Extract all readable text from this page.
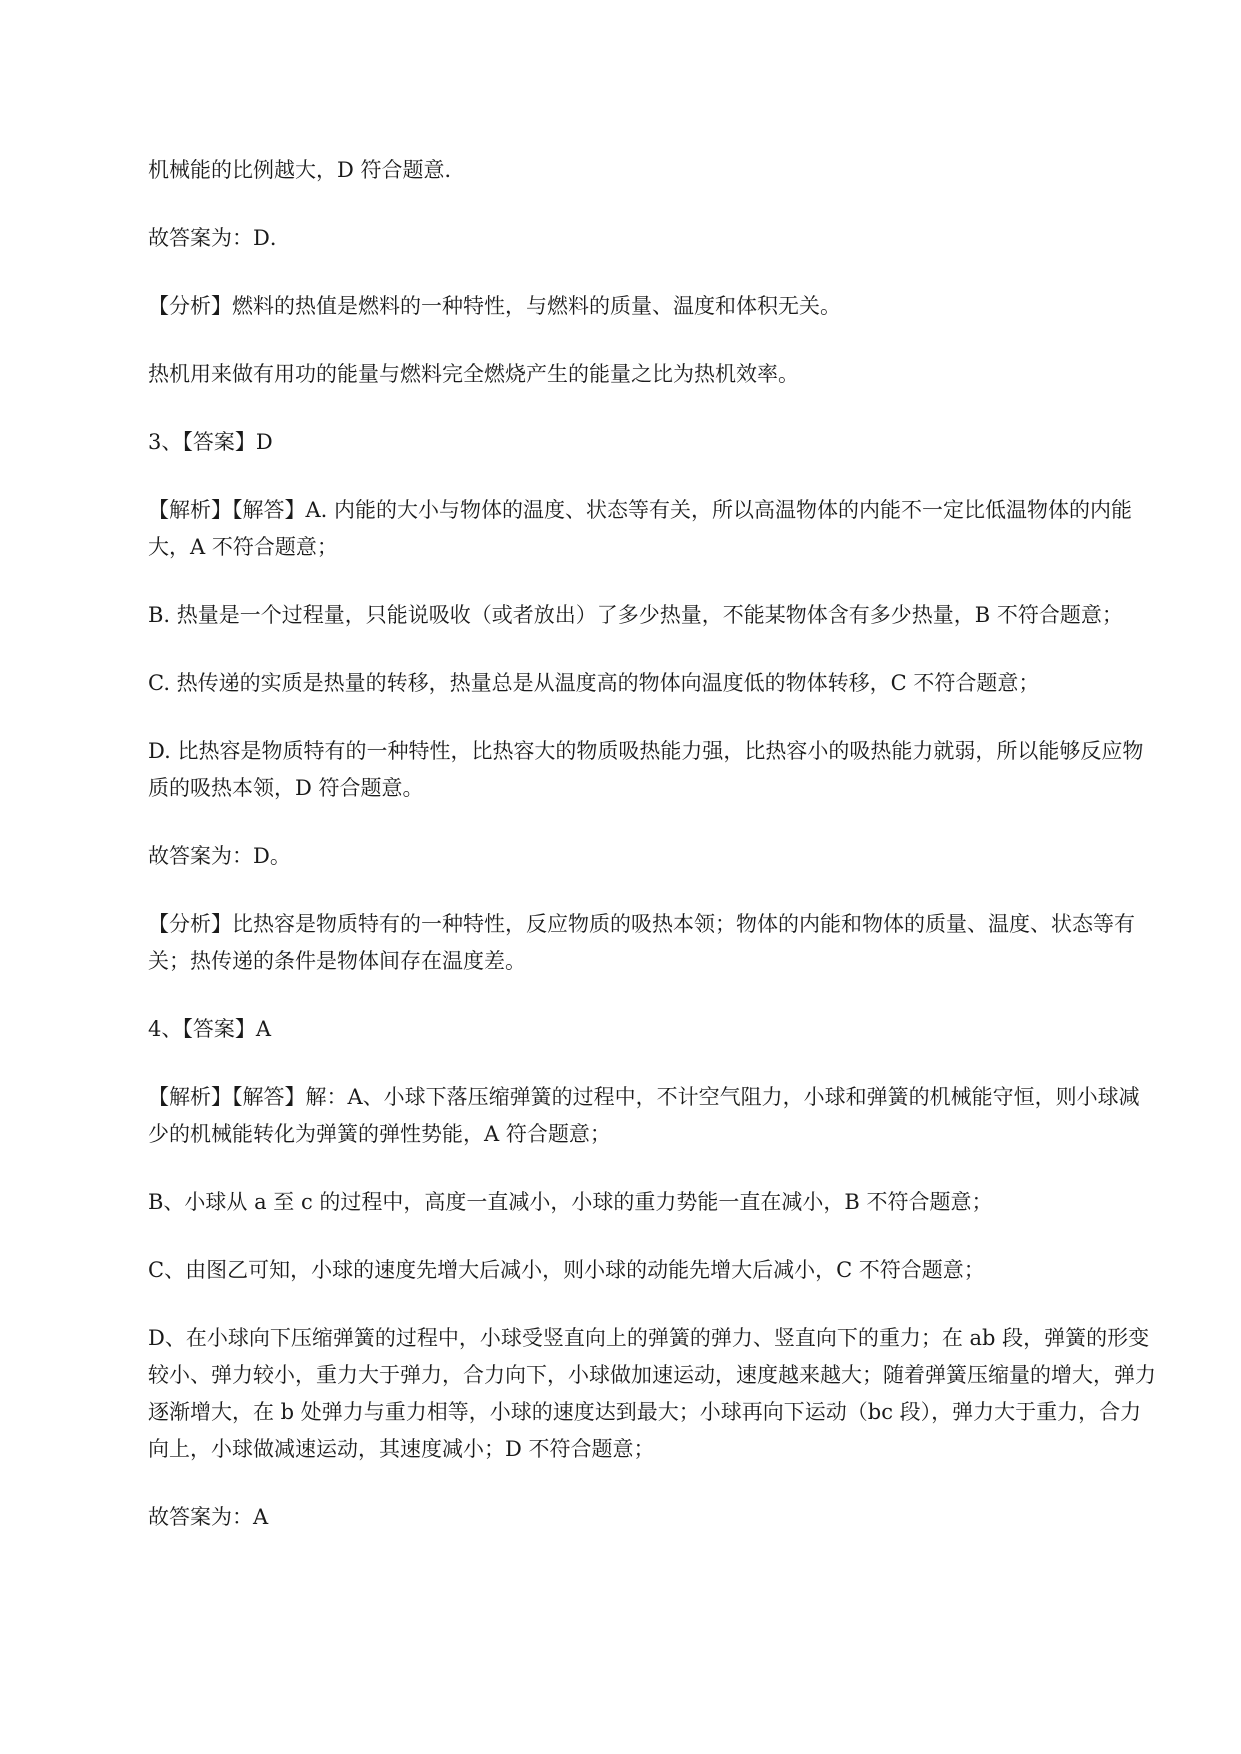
机械能的比例越大，D 符合题意．

故答案为：D．

【分析】燃料的热值是燃料的一种特性，与燃料的质量、温度和体积无关。

热机用来做有用功的能量与燃料完全燃烧产生的能量之比为热机效率。

3、【答案】D

【解析】【解答】A. 内能的大小与物体的温度、状态等有关，所以高温物体的内能不一定比低温物体的内能大，A 不符合题意；

B. 热量是一个过程量，只能说吸收（或者放出）了多少热量，不能某物体含有多少热量，B 不符合题意；

C. 热传递的实质是热量的转移，热量总是从温度高的物体向温度低的物体转移，C 不符合题意；

D. 比热容是物质特有的一种特性，比热容大的物质吸热能力强，比热容小的吸热能力就弱，所以能够反应物质的吸热本领，D 符合题意。

故答案为：D。

【分析】比热容是物质特有的一种特性，反应物质的吸热本领；物体的内能和物体的质量、温度、状态等有关；热传递的条件是物体间存在温度差。

4、【答案】A

【解析】【解答】解：A、小球下落压缩弹簧的过程中，不计空气阻力，小球和弹簧的机械能守恒，则小球减少的机械能转化为弹簧的弹性势能，A 符合题意；

B、小球从 a 至 c 的过程中，高度一直减小，小球的重力势能一直在减小，B 不符合题意；

C、由图乙可知，小球的速度先增大后减小，则小球的动能先增大后减小，C 不符合题意；

D、在小球向下压缩弹簧的过程中，小球受竖直向上的弹簧的弹力、竖直向下的重力；在 ab 段，弹簧的形变较小、弹力较小，重力大于弹力，合力向下，小球做加速运动，速度越来越大；随着弹簧压缩量的增大，弹力逐渐增大，在 b 处弹力与重力相等，小球的速度达到最大；小球再向下运动（bc 段），弹力大于重力，合力向上，小球做减速运动，其速度减小；D 不符合题意；

故答案为：A
